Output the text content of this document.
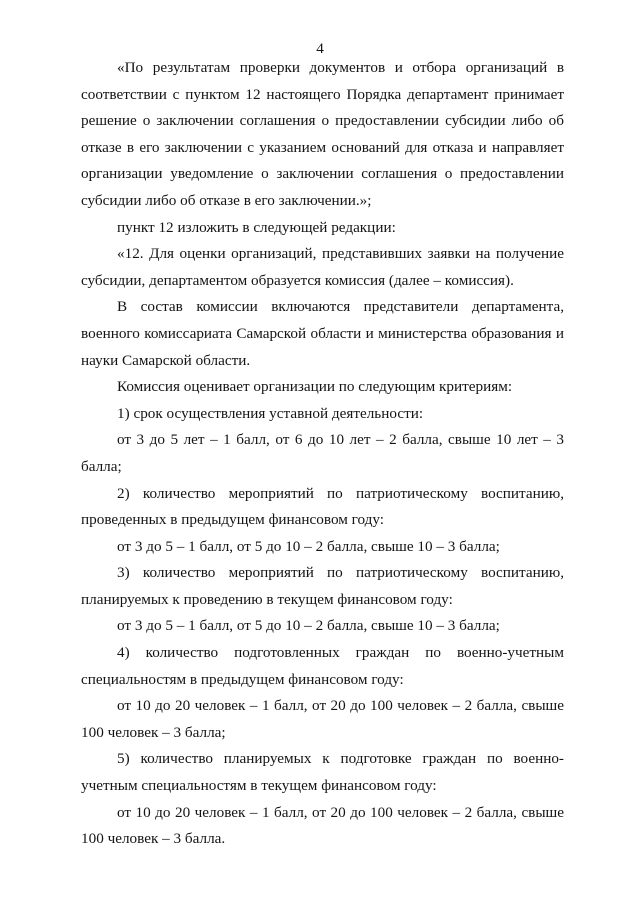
4

«По результатам проверки документов и отбора организаций в соответствии с пунктом 12 настоящего Порядка департамент принимает решение о заключении соглашения о предоставлении субсидии либо об отказе в его заключении с указанием оснований для отказа и направляет организации уведомление о заключении соглашения о предоставлении субсидии либо об отказе в его заключении.»;

пункт 12 изложить в следующей редакции:

«12. Для оценки организаций, представивших заявки на получение субсидии, департаментом образуется комиссия (далее – комиссия).

В состав комиссии включаются представители департамента, военного комиссариата Самарской области и министерства образования и науки Самарской области.

Комиссия оценивает организации по следующим критериям:

1) срок осуществления уставной деятельности:

от 3 до 5 лет – 1 балл, от 6 до 10 лет – 2 балла, свыше 10 лет – 3 балла;

2) количество мероприятий по патриотическому воспитанию, проведенных в предыдущем финансовом году:

от 3 до 5 – 1 балл, от 5 до 10 – 2 балла, свыше 10 – 3 балла;

3) количество мероприятий по патриотическому воспитанию, планируемых к проведению в текущем финансовом году:

от 3 до 5 – 1 балл, от 5 до 10 – 2 балла, свыше 10 – 3 балла;

4) количество подготовленных граждан по военно-учетным специальностям в предыдущем финансовом году:

от 10 до 20 человек – 1 балл, от 20 до 100 человек – 2 балла, свыше 100 человек – 3 балла;

5) количество планируемых к подготовке граждан по военно-учетным специальностям в текущем финансовом году:

от 10 до 20 человек – 1 балл, от 20 до 100 человек – 2 балла, свыше 100 человек – 3 балла.
